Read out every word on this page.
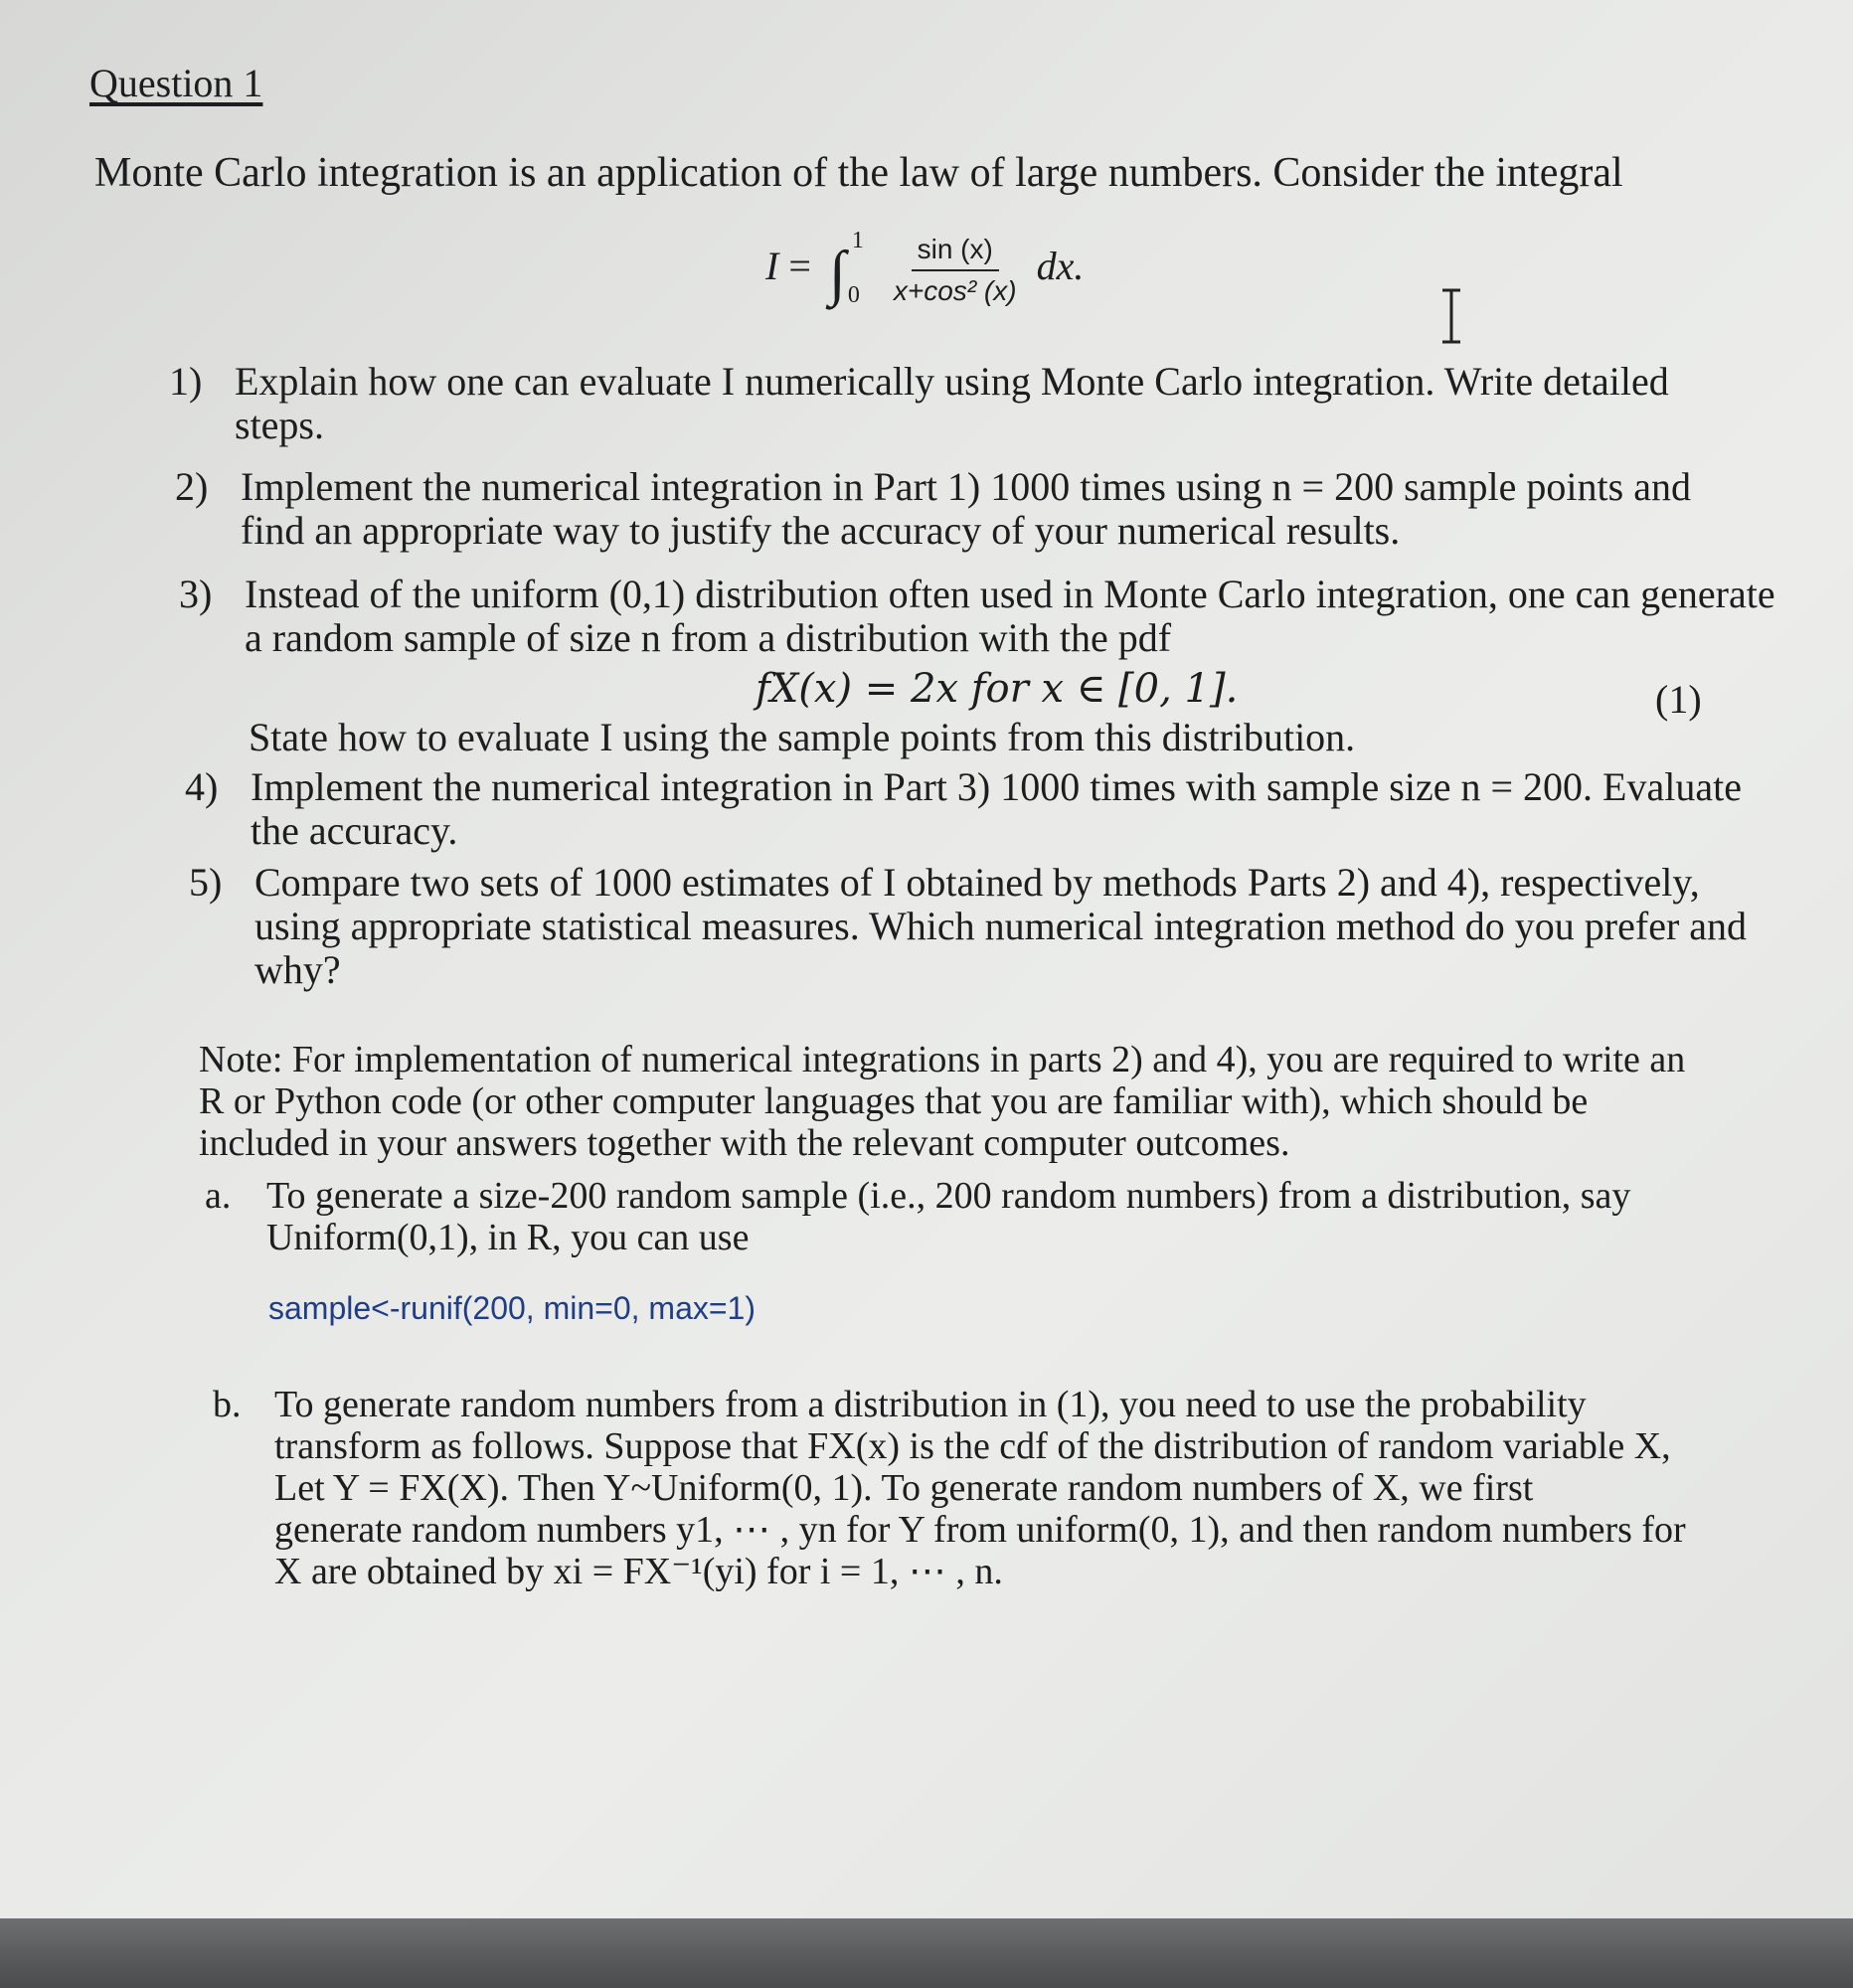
Question 1
Monte Carlo integration is an application of the law of large numbers. Consider the integral
I = ∫ 1
0
$\frac{\sin (x)}{\text{x+cos² (x)}}$ dx.
1) Explain how one can evaluate I numerically using Monte Carlo integration. Write detailed
steps.
2) Implement the numerical integration in Part 1) 1000 times using n = 200 sample points and
find an appropriate way to justify the accuracy of your numerical results.
3) Instead of the uniform (0,1) distribution often used in Monte Carlo integration, one can generate
a random sample of size n from a distribution with the pdf
fX(x) = 2x for x ∈ [0, 1].	(1)
State how to evaluate I using the sample points from this distribution.
4) Implement the numerical integration in Part 3) 1000 times with sample size n = 200. Evaluate
the accuracy.
5) Compare two sets of 1000 estimates of I obtained by methods Parts 2) and 4), respectively,
using appropriate statistical measures. Which numerical integration method do you prefer and
why?
Note: For implementation of numerical integrations in parts 2) and 4), you are required to write an
R or Python code (or other computer languages that you are familiar with), which should be
included in your answers together with the relevant computer outcomes.
a. To generate a size-200 random sample (i.e., 200 random numbers) from a distribution, say
Uniform(0,1), in R, you can use
sample<-runif(200, min=0, max=1)
b. To generate random numbers from a distribution in (1), you need to use the probability
transform as follows. Suppose that FX(x) is the cdf of the distribution of random variable X,
Let Y = FX(X). Then Y~Uniform(0, 1). To generate random numbers of X, we first
generate random numbers y1, ⋯ , yn for Y from uniform(0, 1), and then random numbers for
X are obtained by xi = FX⁻¹(yi) for i = 1, ⋯ , n.
